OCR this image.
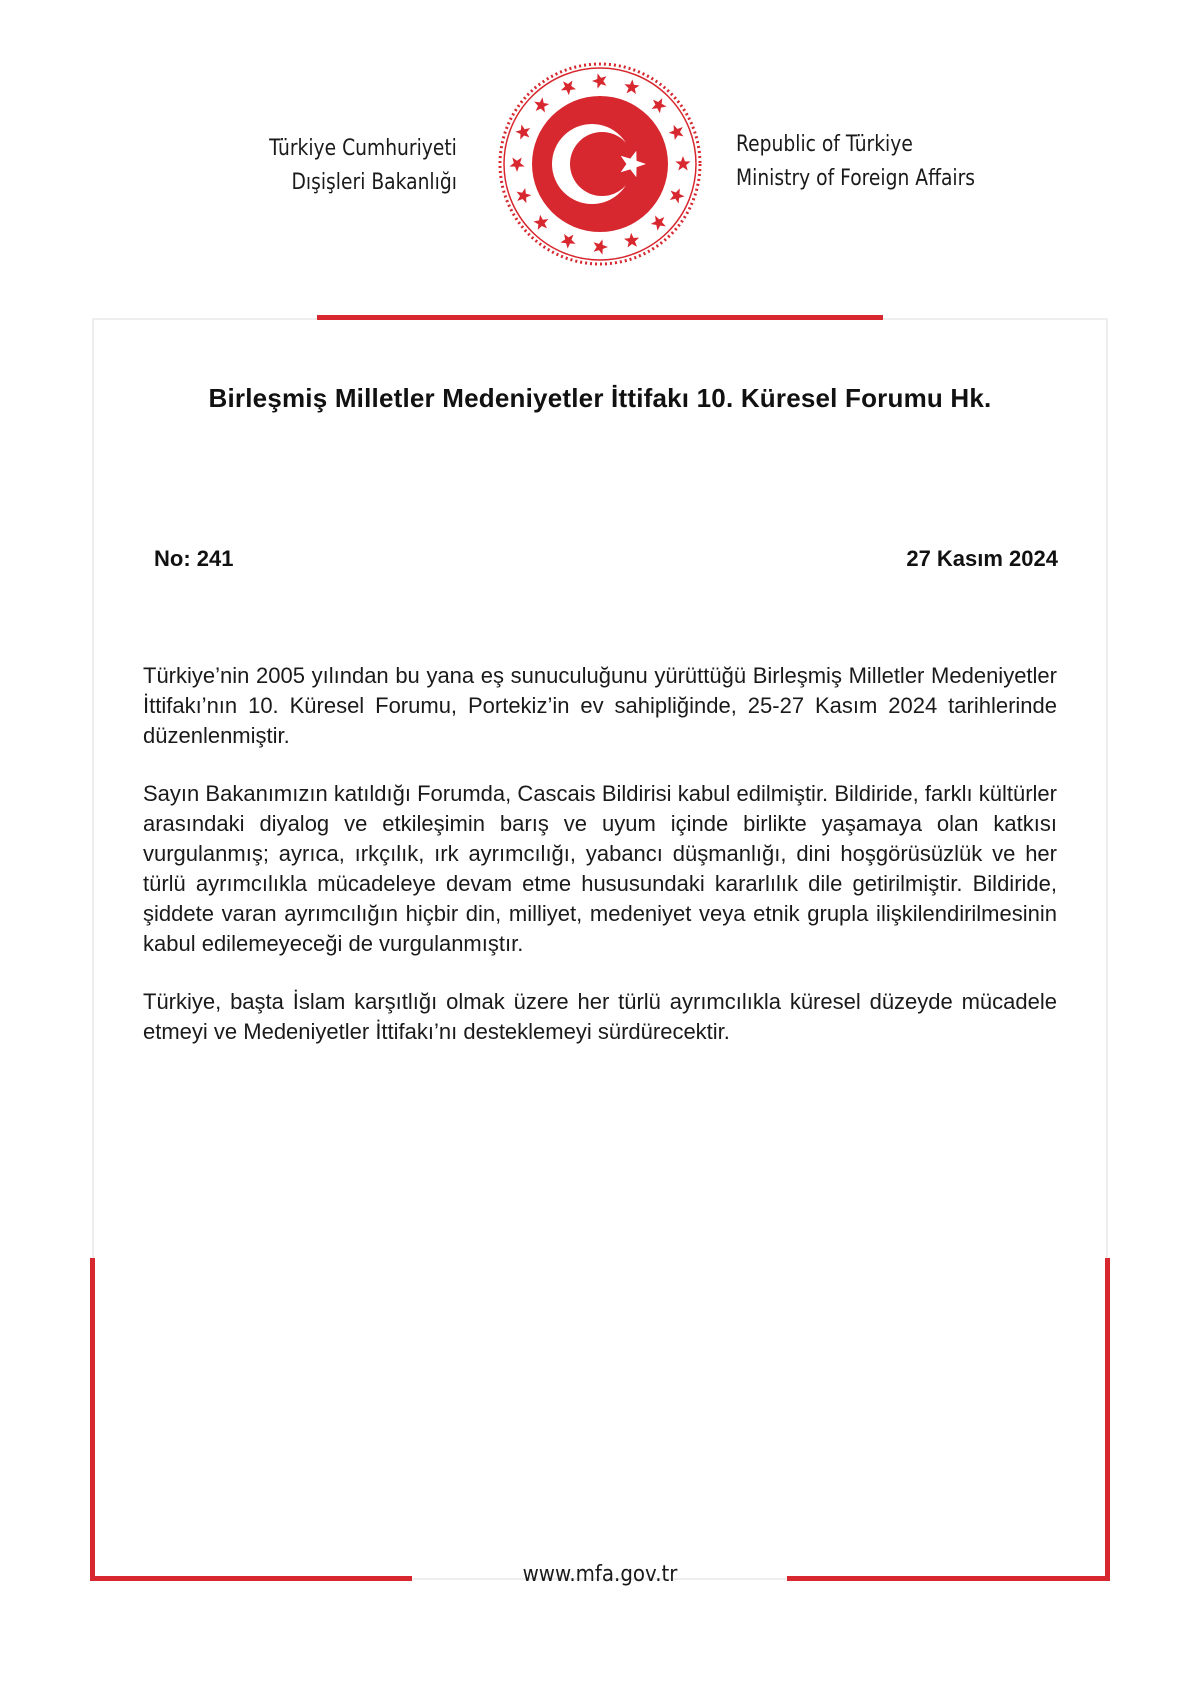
Türkiye Cumhuriyeti
Dışişleri Bakanlığı
Republic of Türkiye
Ministry of Foreign Affairs
Birleşmiş Milletler Medeniyetler İttifakı 10. Küresel Forumu Hk.
No: 241	27 Kasım 2024

Türkiye’nin 2005 yılından bu yana eş sunuculuğunu yürüttüğü Birleşmiş Milletler Medeniyetler İttifakı’nın 10. Küresel Forumu, Portekiz’in ev sahipliğinde, 25-27 Kasım 2024 tarihlerinde düzenlenmiştir.

Sayın Bakanımızın katıldığı Forumda, Cascais Bildirisi kabul edilmiştir. Bildiride, farklı kültürler arasındaki diyalog ve etkileşimin barış ve uyum içinde birlikte yaşamaya olan katkısı vurgulanmış; ayrıca, ırkçılık, ırk ayrımcılığı, yabancı düşmanlığı, dini hoşgörüsüzlük ve her türlü ayrımcılıkla mücadeleye devam etme hususundaki kararlılık dile getirilmiştir. Bildiride, şiddete varan ayrımcılığın hiçbir din, milliyet, medeniyet veya etnik grupla ilişkilendirilmesinin kabul edilemeyeceği de vurgulanmıştır.

Türkiye, başta İslam karşıtlığı olmak üzere her türlü ayrımcılıkla küresel düzeyde mücadele etmeyi ve Medeniyetler İttifakı’nı desteklemeyi sürdürecektir.

www.mfa.gov.tr
